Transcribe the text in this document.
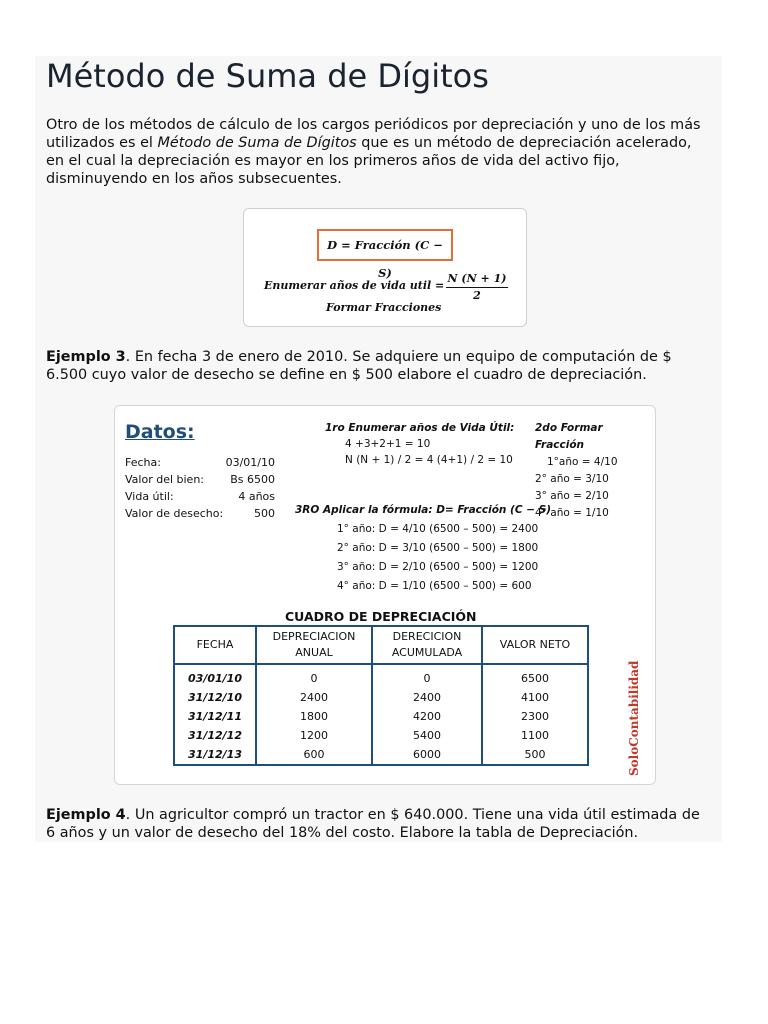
Método de Suma de Dígitos

Otro de los métodos de cálculo de los cargos periódicos por depreciación y uno de los más utilizados es el Método de Suma de Dígitos que es un método de depreciación acelerado, en el cual la depreciación es mayor en los primeros años de vida del activo fijo, disminuyendo en los años subsecuentes.

Ejemplo 3. En fecha 3 de enero de 2010. Se adquiere un equipo de computación de $ 6.500 cuyo valor de desecho se define en $ 500 elabore el cuadro de depreciación.

Ejemplo 4. Un agricultor compró un tractor en $ 640.000. Tiene una vida útil estimada de 6 años y un valor de desecho del 18% del costo. Elabore la tabla de Depreciación.

D = Fracción (C − S)
Enumerar años de vida util = $\frac{N (N + 1)}{2}$
Formar Fracciones
Datos:
Fecha:	03/01/10
Valor del bien: Bs 6500
Vida útil:	4 años
Valor de desecho:	500
1ro Enumerar años de Vida Útil:
4 +3+2+1 = 10
N (N + 1) / 2 = 4 (4+1) / 2 = 10
2do Formar Fracción
1°año = 4/10
2° año = 3/10
3° año = 2/10
4° año = 1/10
3RO Aplicar la fórmula: D= Fracción (C − S)
1° año: D = 4/10 (6500 – 500) = 2400
2° año: D = 3/10 (6500 – 500) = 1800
3° año: D = 2/10 (6500 – 500) = 1200
4° año: D = 1/10 (6500 – 500) = 600
CUADRO DE DEPRECIACIÓN
FECHA	DEPRECIACION ANUAL	DERECICION ACUMULADA	VALOR NETO
03/01/10	0	0	6500
31/12/10	2400	2400	4100
31/12/11	1800	4200	2300
31/12/12	1200	5400	1100
31/12/13	600	6000	500	SoloContabilidad
